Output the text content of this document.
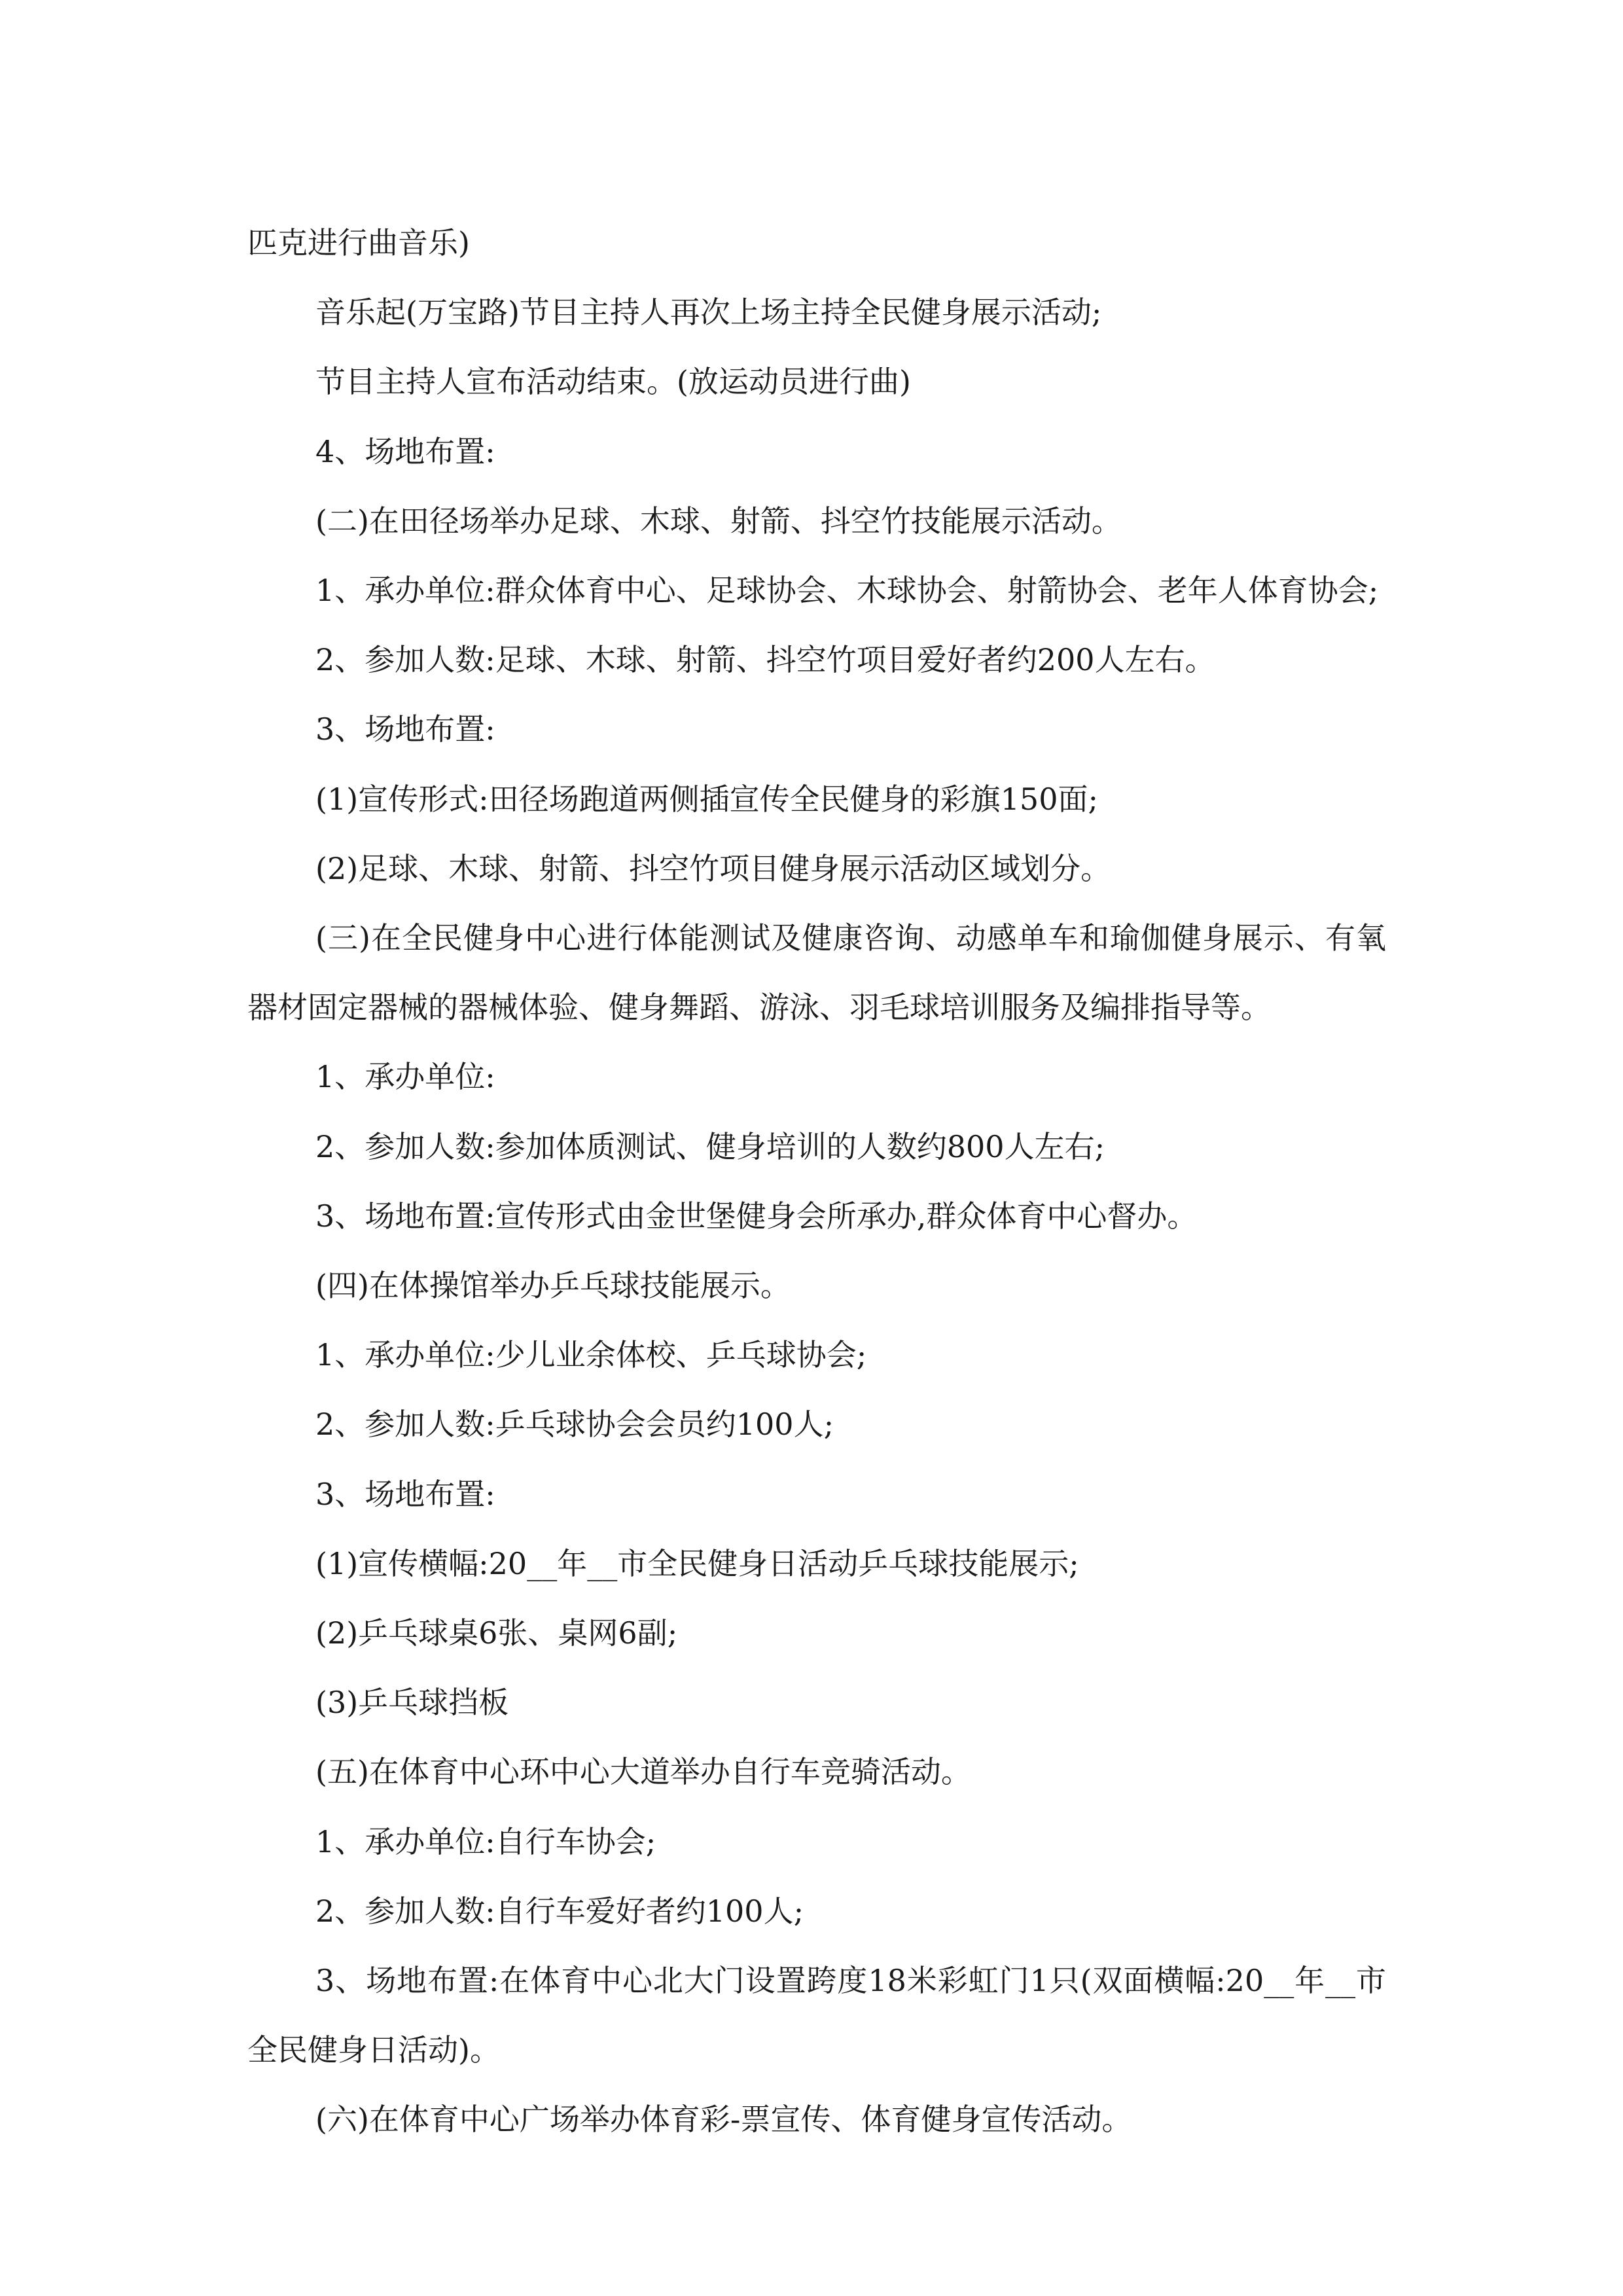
匹克进行曲音乐)

音乐起(万宝路)节目主持人再次上场主持全民健身展示活动;

节目主持人宣布活动结束。(放运动员进行曲)

4、场地布置:

(二)在田径场举办足球、木球、射箭、抖空竹技能展示活动。

1、承办单位:群众体育中心、足球协会、木球协会、射箭协会、老年人体育协会;

2、参加人数:足球、木球、射箭、抖空竹项目爱好者约200人左右。

3、场地布置:

(1)宣传形式:田径场跑道两侧插宣传全民健身的彩旗150面;

(2)足球、木球、射箭、抖空竹项目健身展示活动区域划分。

(三)在全民健身中心进行体能测试及健康咨询、动感单车和瑜伽健身展示、有氧器材固定器械的器械体验、健身舞蹈、游泳、羽毛球培训服务及编排指导等。

1、承办单位:

2、参加人数:参加体质测试、健身培训的人数约800人左右;

3、场地布置:宣传形式由金世堡健身会所承办,群众体育中心督办。

(四)在体操馆举办乒乓球技能展示。

1、承办单位:少儿业余体校、乒乓球协会;

2、参加人数:乒乓球协会会员约100人;

3、场地布置:

(1)宣传横幅:20__年__市全民健身日活动乒乓球技能展示;

(2)乒乓球桌6张、桌网6副;

(3)乒乓球挡板

(五)在体育中心环中心大道举办自行车竞骑活动。

1、承办单位:自行车协会;

2、参加人数:自行车爱好者约100人;

3、场地布置:在体育中心北大门设置跨度18米彩虹门1只(双面横幅:20__年__市全民健身日活动)。

(六)在体育中心广场举办体育彩-票宣传、体育健身宣传活动。
